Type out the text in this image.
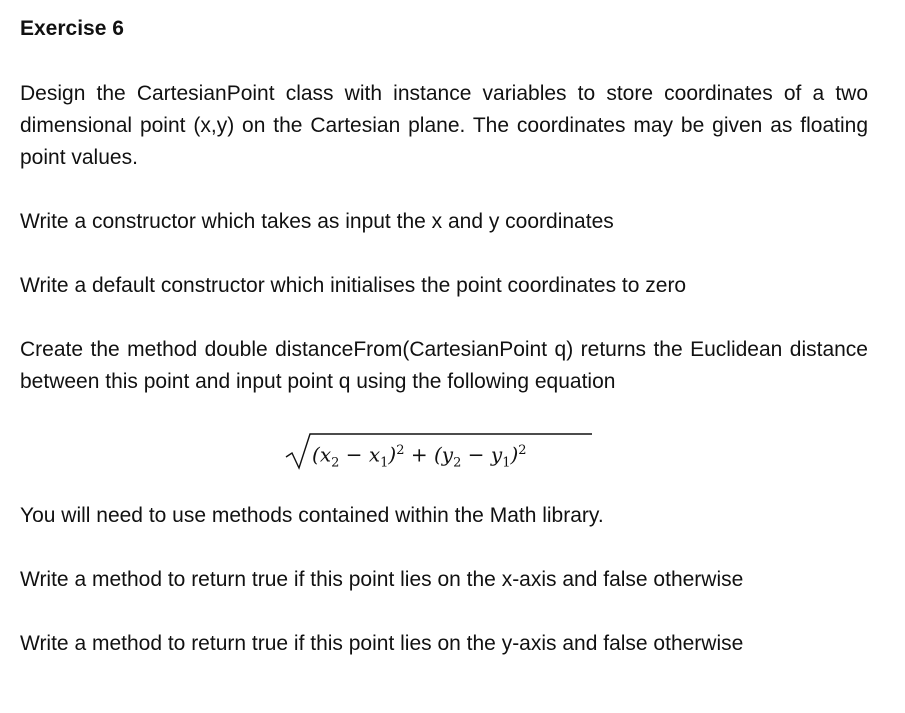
Exercise 6
Design the CartesianPoint class with instance variables to store coordinates of a two dimensional point (x,y) on the Cartesian plane. The coordinates may be given as floating point values.
Write a constructor which takes as input the x and y coordinates
Write a default constructor which initialises the point coordinates to zero
Create the method double distanceFrom(CartesianPoint q) returns the Euclidean distance between this point and input point q using the following equation
$(x_2 - x_1)^2 + (y_2 - y_1)^2$
You will need to use methods contained within the Math library.
Write a method to return true if this point lies on the x-axis and false otherwise
Write a method to return true if this point lies on the y-axis and false otherwise
